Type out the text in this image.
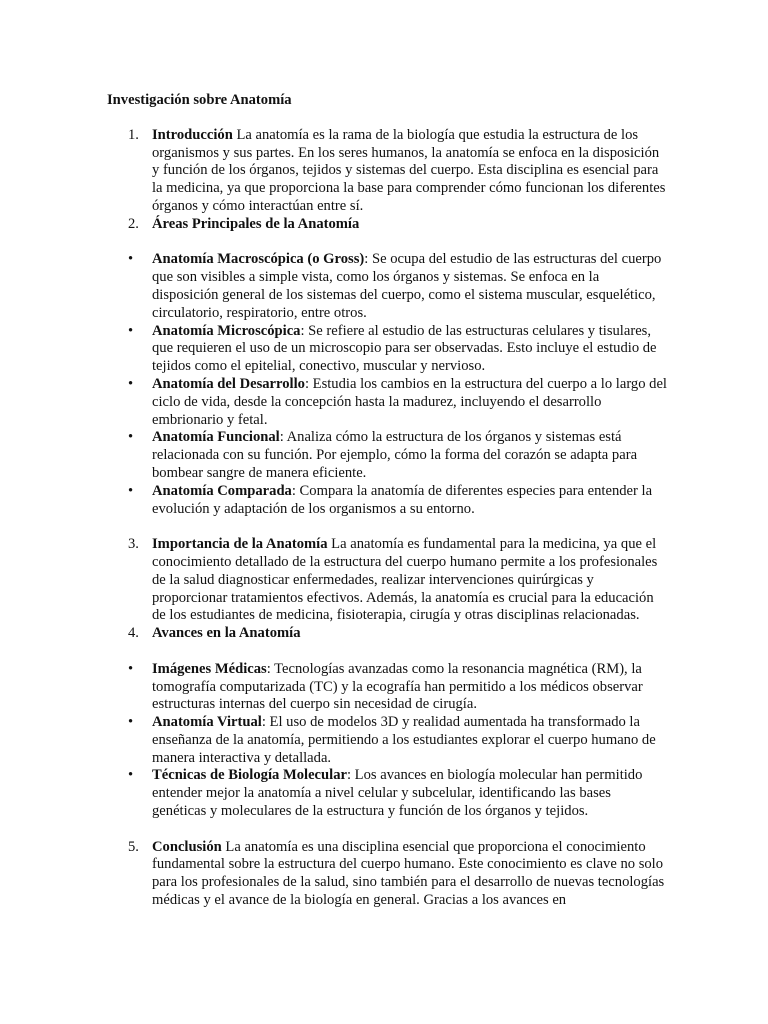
Investigación sobre Anatomía

1. Introducción La anatomía es la rama de la biología que estudia la estructura de los organismos y sus partes. En los seres humanos, la anatomía se enfoca en la disposición y función de los órganos, tejidos y sistemas del cuerpo. Esta disciplina es esencial para la medicina, ya que proporciona la base para comprender cómo funcionan los diferentes órganos y cómo interactúan entre sí.
2. Áreas Principales de la Anatomía
• Anatomía Macroscópica (o Gross): Se ocupa del estudio de las estructuras del cuerpo que son visibles a simple vista, como los órganos y sistemas. Se enfoca en la disposición general de los sistemas del cuerpo, como el sistema muscular, esquelético, circulatorio, respiratorio, entre otros.
• Anatomía Microscópica: Se refiere al estudio de las estructuras celulares y tisulares, que requieren el uso de un microscopio para ser observadas. Esto incluye el estudio de tejidos como el epitelial, conectivo, muscular y nervioso.
• Anatomía del Desarrollo: Estudia los cambios en la estructura del cuerpo a lo largo del ciclo de vida, desde la concepción hasta la madurez, incluyendo el desarrollo embrionario y fetal.
• Anatomía Funcional: Analiza cómo la estructura de los órganos y sistemas está relacionada con su función. Por ejemplo, cómo la forma del corazón se adapta para bombear sangre de manera eficiente.
• Anatomía Comparada: Compara la anatomía de diferentes especies para entender la evolución y adaptación de los organismos a su entorno.
3. Importancia de la Anatomía La anatomía es fundamental para la medicina, ya que el conocimiento detallado de la estructura del cuerpo humano permite a los profesionales de la salud diagnosticar enfermedades, realizar intervenciones quirúrgicas y proporcionar tratamientos efectivos. Además, la anatomía es crucial para la educación de los estudiantes de medicina, fisioterapia, cirugía y otras disciplinas relacionadas.
4. Avances en la Anatomía
• Imágenes Médicas: Tecnologías avanzadas como la resonancia magnética (RM), la tomografía computarizada (TC) y la ecografía han permitido a los médicos observar estructuras internas del cuerpo sin necesidad de cirugía.
• Anatomía Virtual: El uso de modelos 3D y realidad aumentada ha transformado la enseñanza de la anatomía, permitiendo a los estudiantes explorar el cuerpo humano de manera interactiva y detallada.
• Técnicas de Biología Molecular: Los avances en biología molecular han permitido entender mejor la anatomía a nivel celular y subcelular, identificando las bases genéticas y moleculares de la estructura y función de los órganos y tejidos.
5. Conclusión La anatomía es una disciplina esencial que proporciona el conocimiento fundamental sobre la estructura del cuerpo humano. Este conocimiento es clave no solo para los profesionales de la salud, sino también para el desarrollo de nuevas tecnologías médicas y el avance de la biología en general. Gracias a los avances en
